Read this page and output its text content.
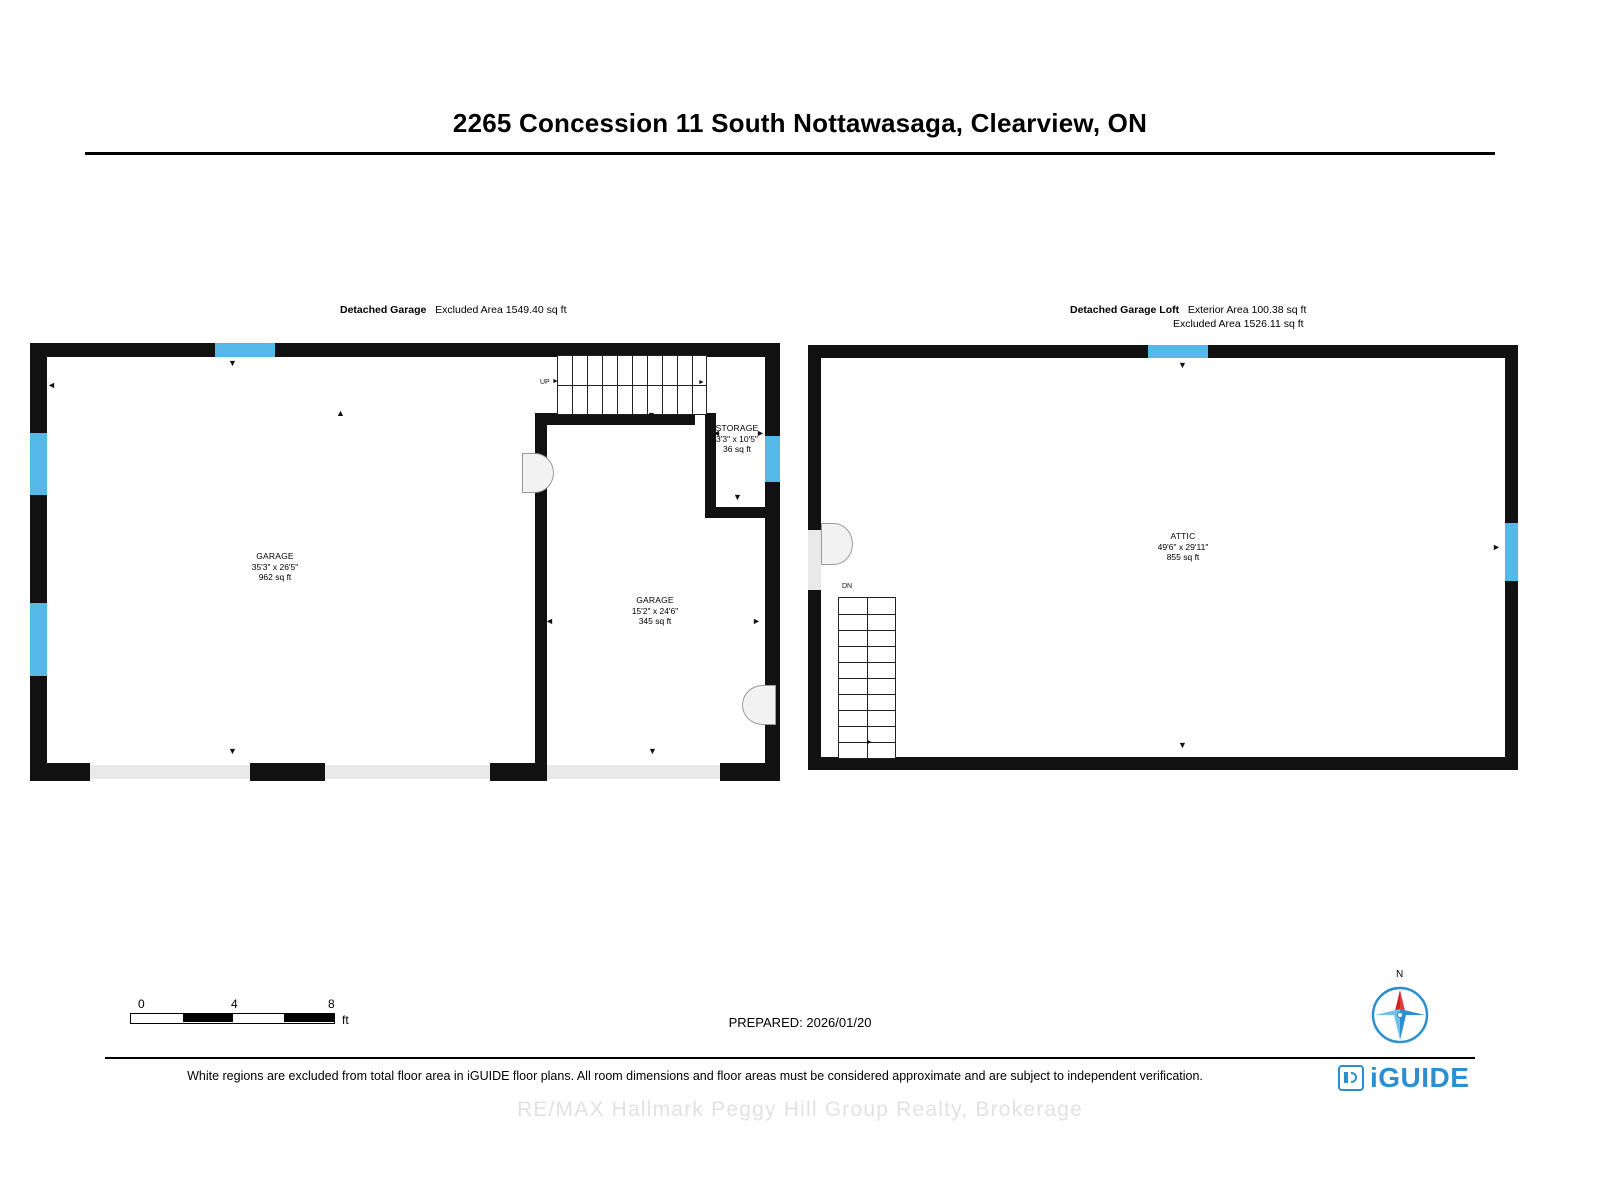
2265 Concession 11 South Nottawasaga, Clearview, ON
Detached Garage Excluded Area 1549.40 sq ft	Detached Garage Loft Exterior Area 100.38 sq ft
Excluded Area 1526.11 sq ft
UP ►	►
GARAGE
35'3" x 26'5"
962 sq ft
GARAGE
15'2" x 24'6"
345 sq ft
STORAGE
3'3" x 10'5"
36 sq ft
◄
▼
▲
▼	▼
▲
◄	►
◄	►
▼
▼
DN
►
ATTIC
49'6" x 29'11"
855 sq ft
▼
▼
►
0	4	8
ft	PREPARED: 2026/01/20
N
White regions are excluded from total floor area in iGUIDE floor plans. All room dimensions and floor areas must be considered approximate and are subject to independent verification.	iGUIDE
RE/MAX Hallmark Peggy Hill Group Realty, Brokerage
